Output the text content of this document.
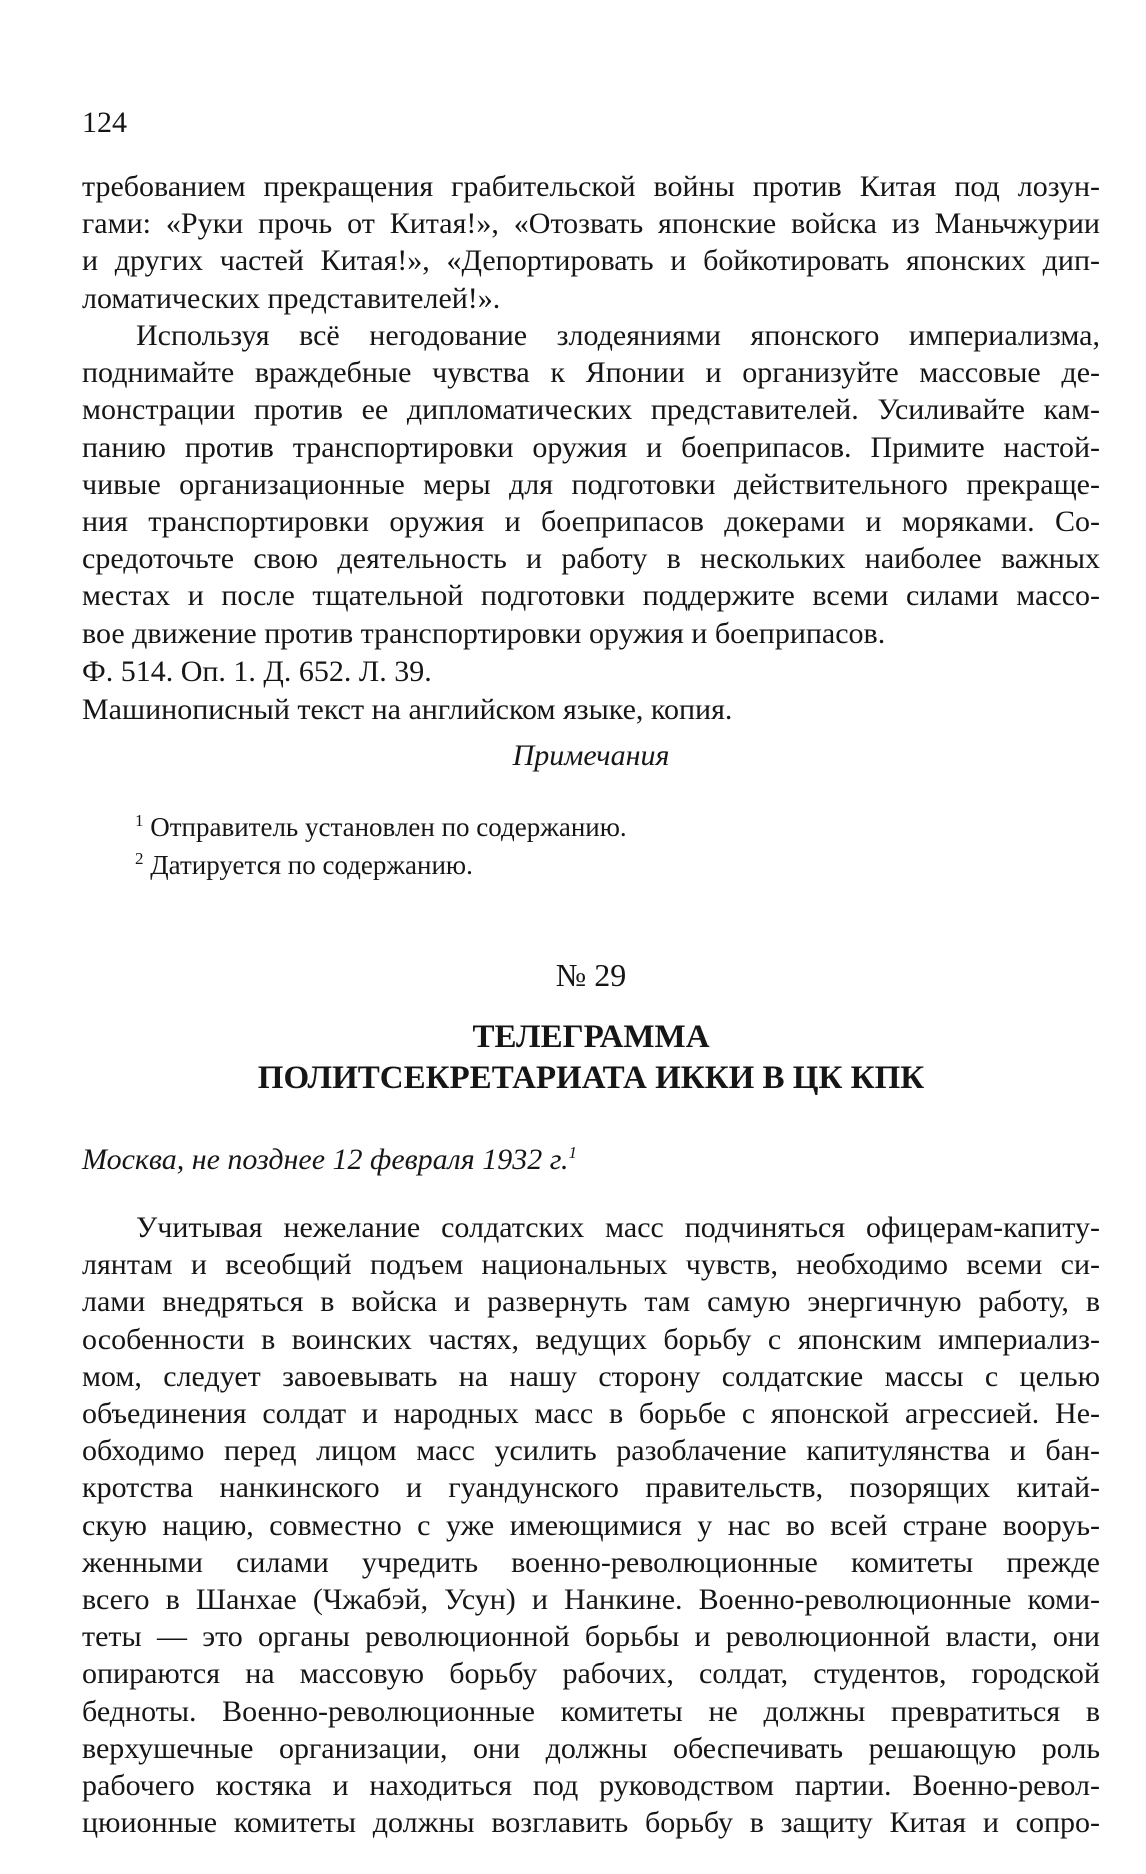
124
требованием прекращения грабительской войны против Китая под лозун-
гами: «Руки прочь от Китая!», «Отозвать японские войска из Маньчжурии
и других частей Китая!», «Депортировать и бойкотировать японских дип-
ломатических представителей!».
Используя всё негодование злодеяниями японского империализма,
поднимайте враждебные чувства к Японии и организуйте массовые де-
монстрации против ее дипломатических представителей. Усиливайте кам-
панию против транспортировки оружия и боеприпасов. Примите настой-
чивые организационные меры для подготовки действительного прекраще-
ния транспортировки оружия и боеприпасов докерами и моряками. Со-
средоточьте свою деятельность и работу в нескольких наиболее важных
местах и после тщательной подготовки поддержите всеми силами массо-
вое движение против транспортировки оружия и боеприпасов.
Ф. 514. Оп. 1. Д. 652. Л. 39.
Машинописный текст на английском языке, копия.
Примечания
$^1$ Отправитель установлен по содержанию.
$^2$ Датируется по содержанию.
№ 29
ТЕЛЕГРАММА
ПОЛИТСЕКРЕТАРИАТА ИККИ В ЦК КПК
Москва, не позднее 12 февраля 1932 г.$^1$
Учитывая нежелание солдатских масс подчиняться офицерам-капиту-
лянтам и всеобщий подъем национальных чувств, необходимо всеми си-
лами внедряться в войска и развернуть там самую энергичную работу, в
особенности в воинских частях, ведущих борьбу с японским империализ-
мом, следует завоевывать на нашу сторону солдатские массы с целью
объединения солдат и народных масс в борьбе с японской агрессией. Не-
обходимо перед лицом масс усилить разоблачение капитулянства и бан-
кротства нанкинского и гуандунского правительств, позорящих китай-
скую нацию, совместно с уже имеющимися у нас во всей стране вооруь-
женными силами учредить военно-революционные комитеты прежде
всего в Шанхае (Чжабэй, Усун) и Нанкине. Военно-революционные коми-
теты — это органы революционной борьбы и революционной власти, они
опираются на массовую борьбу рабочих, солдат, студентов, городской
бедноты. Военно-революционные комитеты не должны превратиться в
верхушечные организации, они должны обеспечивать решающую роль
рабочего костяка и находиться под руководством партии. Военно-револ-
цюионные комитеты должны возглавить борьбу в защиту Китая и сопро-
